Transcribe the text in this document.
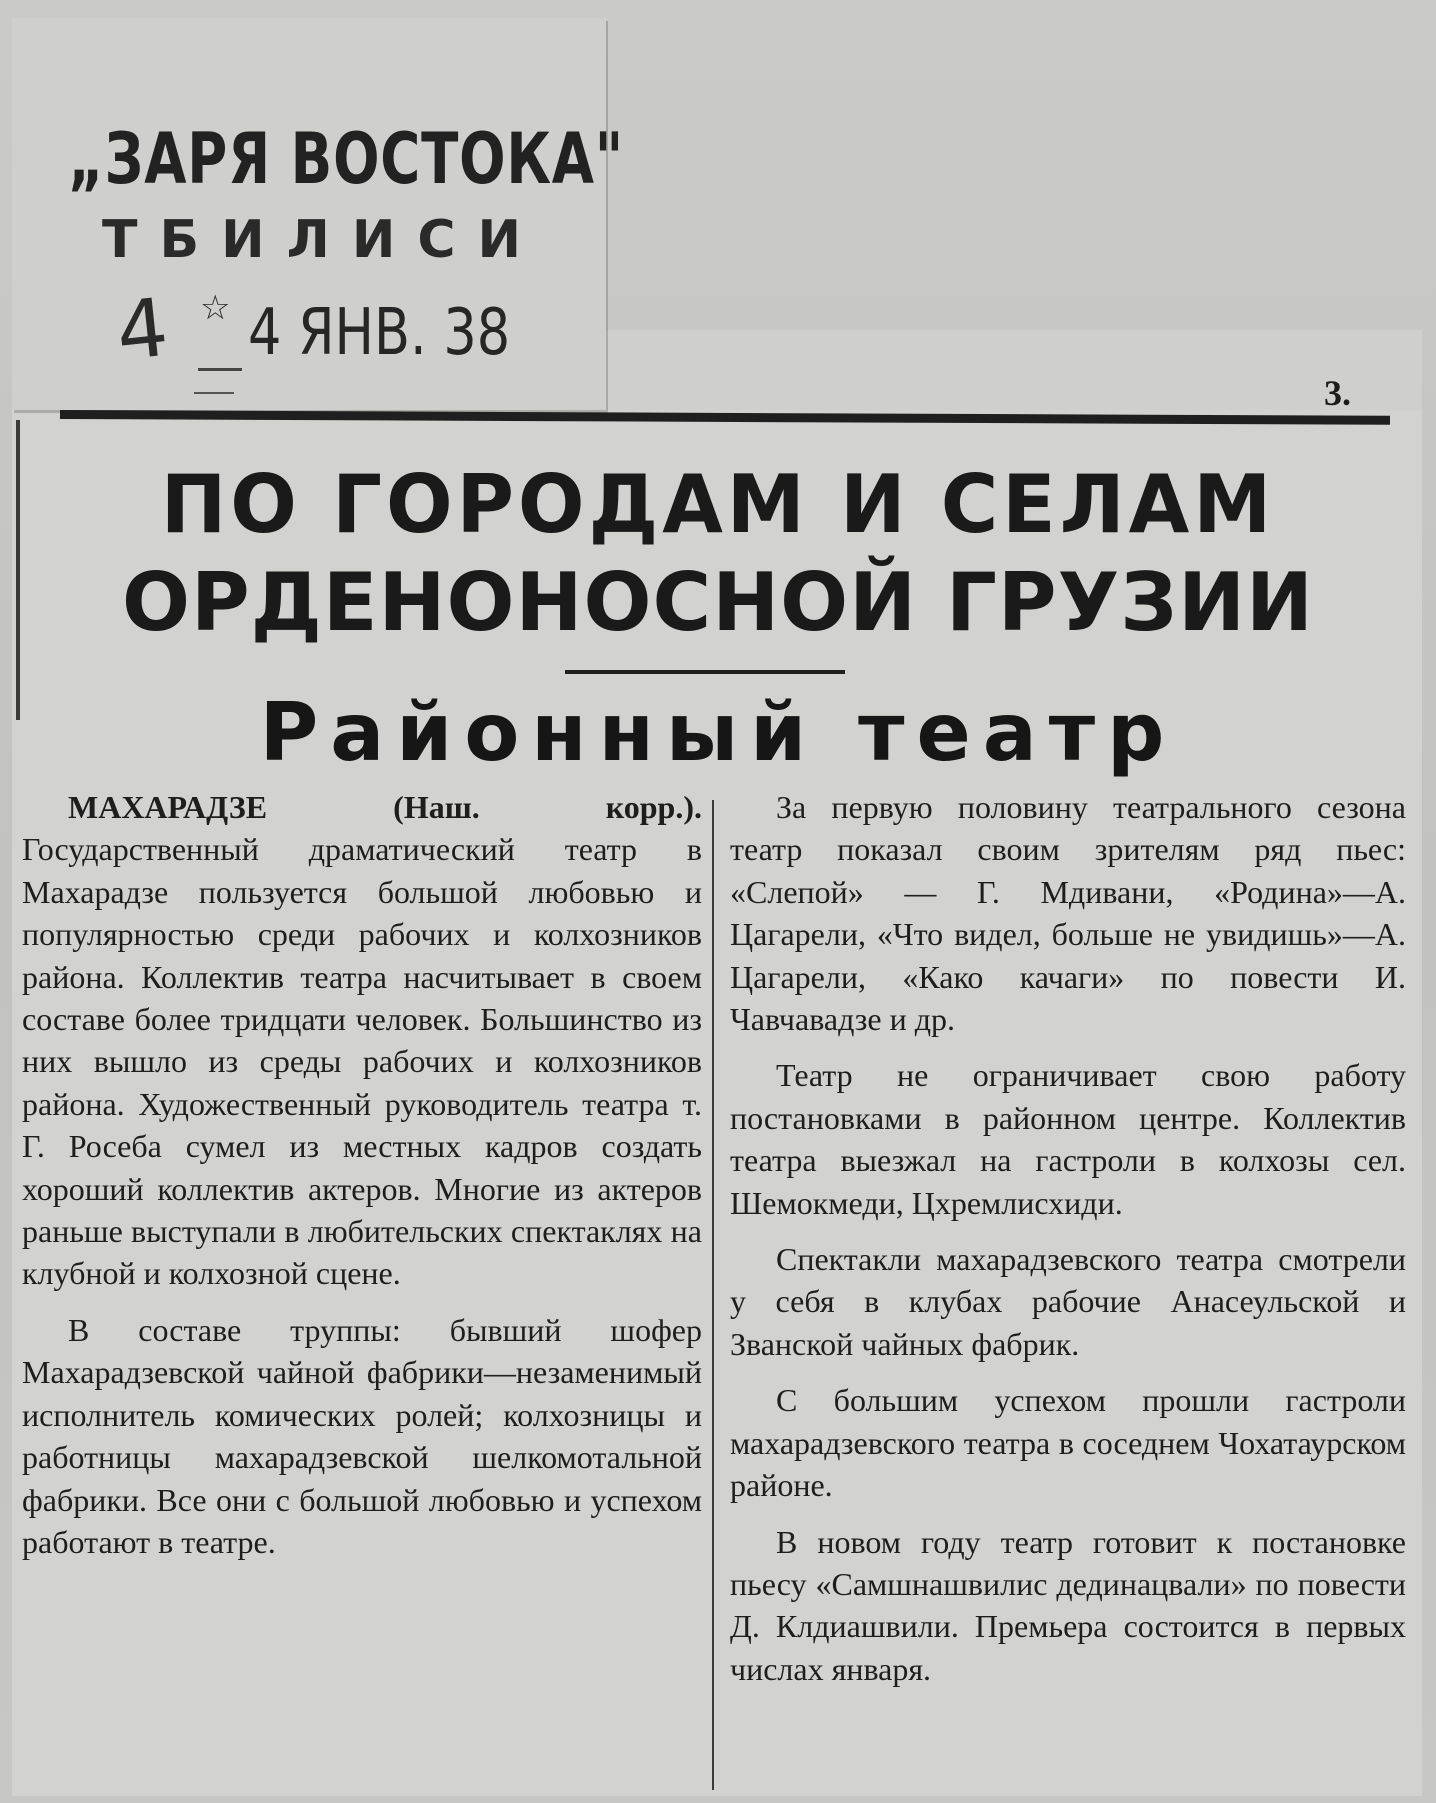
„ЗАРЯ ВОСТОКА"
ТБИЛИСИ
4 ☆ 4 ЯНВ. 38
3.
ПО ГОРОДАМ И СЕЛАМ
ОРДЕНОНОСНОЙ ГРУЗИИ
Районный театр

МАХАРАДЗЕ (Наш. корр.). Государственный драматический театр в Махарадзе пользуется большой любовью и популярностью среди рабочих и колхозников района. Коллектив театра насчитывает в своем составе более тридцати человек. Большинство из них вышло из среды рабочих и колхозников района. Художественный руководитель театра т. Г. Росеба сумел из местных кадров создать хороший коллектив актеров. Многие из актеров раньше выступали в любительских спектаклях на клубной и колхозной сцене.

В составе труппы: бывший шофер Махарадзевской чайной фабрики—незаменимый исполнитель комических ролей; колхозницы и работницы махарадзевской шелкомотальной фабрики. Все они с большой любовью и успехом работают в театре.

За первую половину театрального сезона театр показал своим зрителям ряд пьес: «Слепой» — Г. Мдивани, «Родина»—А. Цагарели, «Что видел, больше не увидишь»—А. Цагарели, «Како качаги» по повести И. Чавчавадзе и др.

Театр не ограничивает свою работу постановками в районном центре. Коллектив театра выезжал на гастроли в колхозы сел. Шемокмеди, Цхремлисхиди.

Спектакли махарадзевского театра смотрели у себя в клубах рабочие Анасеульской и Званской чайных фабрик.

С большим успехом прошли гастроли махарадзевского театра в соседнем Чохатаурском районе.

В новом году театр готовит к постановке пьесу «Самшнашвилис дединацвали» по повести Д. Клдиашвили. Премьера состоится в первых числах января.
